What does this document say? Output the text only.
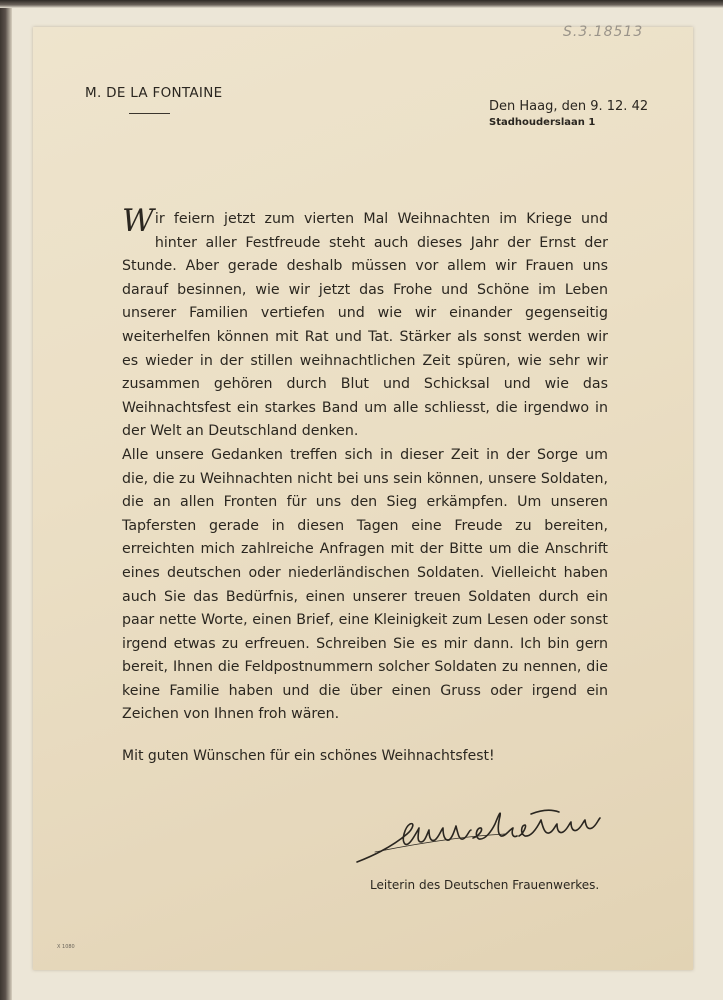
S.3.18513
M. DE LA FONTAINE
Den Haag, den 9. 12. 42
Stadhouderslaan 1

Wir feiern jetzt zum vierten Mal Weihnachten im Kriege und hinter aller Festfreude steht auch dieses Jahr der Ernst der Stunde. Aber gerade deshalb müssen vor allem wir Frauen uns darauf besinnen, wie wir jetzt das Frohe und Schöne im Leben unserer Familien vertiefen und wie wir einander gegenseitig weiterhelfen können mit Rat und Tat. Stärker als sonst werden wir es wieder in der stillen weihnachtlichen Zeit spüren, wie sehr wir zusammen gehören durch Blut und Schicksal und wie das Weihnachtsfest ein starkes Band um alle schliesst, die irgendwo in der Welt an Deutschland denken.

Alle unsere Gedanken treffen sich in dieser Zeit in der Sorge um die, die zu Weihnachten nicht bei uns sein können, unsere Soldaten, die an allen Fronten für uns den Sieg erkämpfen. Um unseren Tapfersten gerade in diesen Tagen eine Freude zu bereiten, erreichten mich zahlreiche Anfragen mit der Bitte um die Anschrift eines deutschen oder niederländischen Soldaten. Vielleicht haben auch Sie das Bedürfnis, einen unserer treuen Soldaten durch ein paar nette Worte, einen Brief, eine Kleinigkeit zum Lesen oder sonst irgend etwas zu erfreuen. Schreiben Sie es mir dann. Ich bin gern bereit, Ihnen die Feldpostnummern solcher Soldaten zu nennen, die keine Familie haben und die über einen Gruss oder irgend ein Zeichen von Ihnen froh wären.

Mit guten Wünschen für ein schönes Weihnachtsfest!
Leiterin des Deutschen Frauenwerkes.
X 1080
